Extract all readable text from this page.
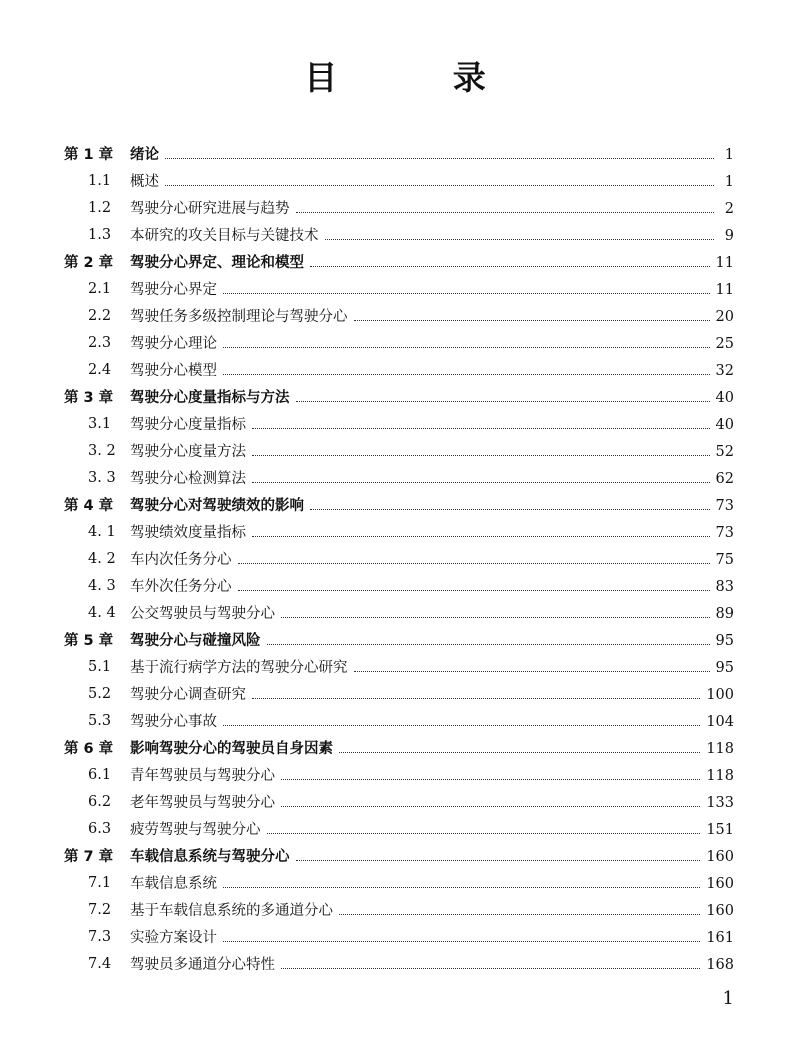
目 录
第 1 章 绪论	1
1.1 概述	1
1.2 驾驶分心研究进展与趋势	2
1.3 本研究的攻关目标与关键技术	9
第 2 章 驾驶分心界定、理论和模型	11
2.1 驾驶分心界定	11
2.2 驾驶任务多级控制理论与驾驶分心	20
2.3 驾驶分心理论	25
2.4 驾驶分心模型	32
第 3 章 驾驶分心度量指标与方法	40
3.1 驾驶分心度量指标	40
3. 2 驾驶分心度量方法	52
3. 3 驾驶分心检测算法	62
第 4 章 驾驶分心对驾驶绩效的影响	73
4. 1 驾驶绩效度量指标	73
4. 2 车内次任务分心	75
4. 3 车外次任务分心	83
4. 4 公交驾驶员与驾驶分心	89
第 5 章 驾驶分心与碰撞风险	95
5.1 基于流行病学方法的驾驶分心研究	95
5.2 驾驶分心调查研究	100
5.3 驾驶分心事故	104
第 6 章 影响驾驶分心的驾驶员自身因素	118
6.1 青年驾驶员与驾驶分心	118
6.2 老年驾驶员与驾驶分心	133
6.3 疲劳驾驶与驾驶分心	151
第 7 章 车载信息系统与驾驶分心	160
7.1 车载信息系统	160
7.2 基于车载信息系统的多通道分心	160
7.3 实验方案设计	161
7.4 驾驶员多通道分心特性	168
1
